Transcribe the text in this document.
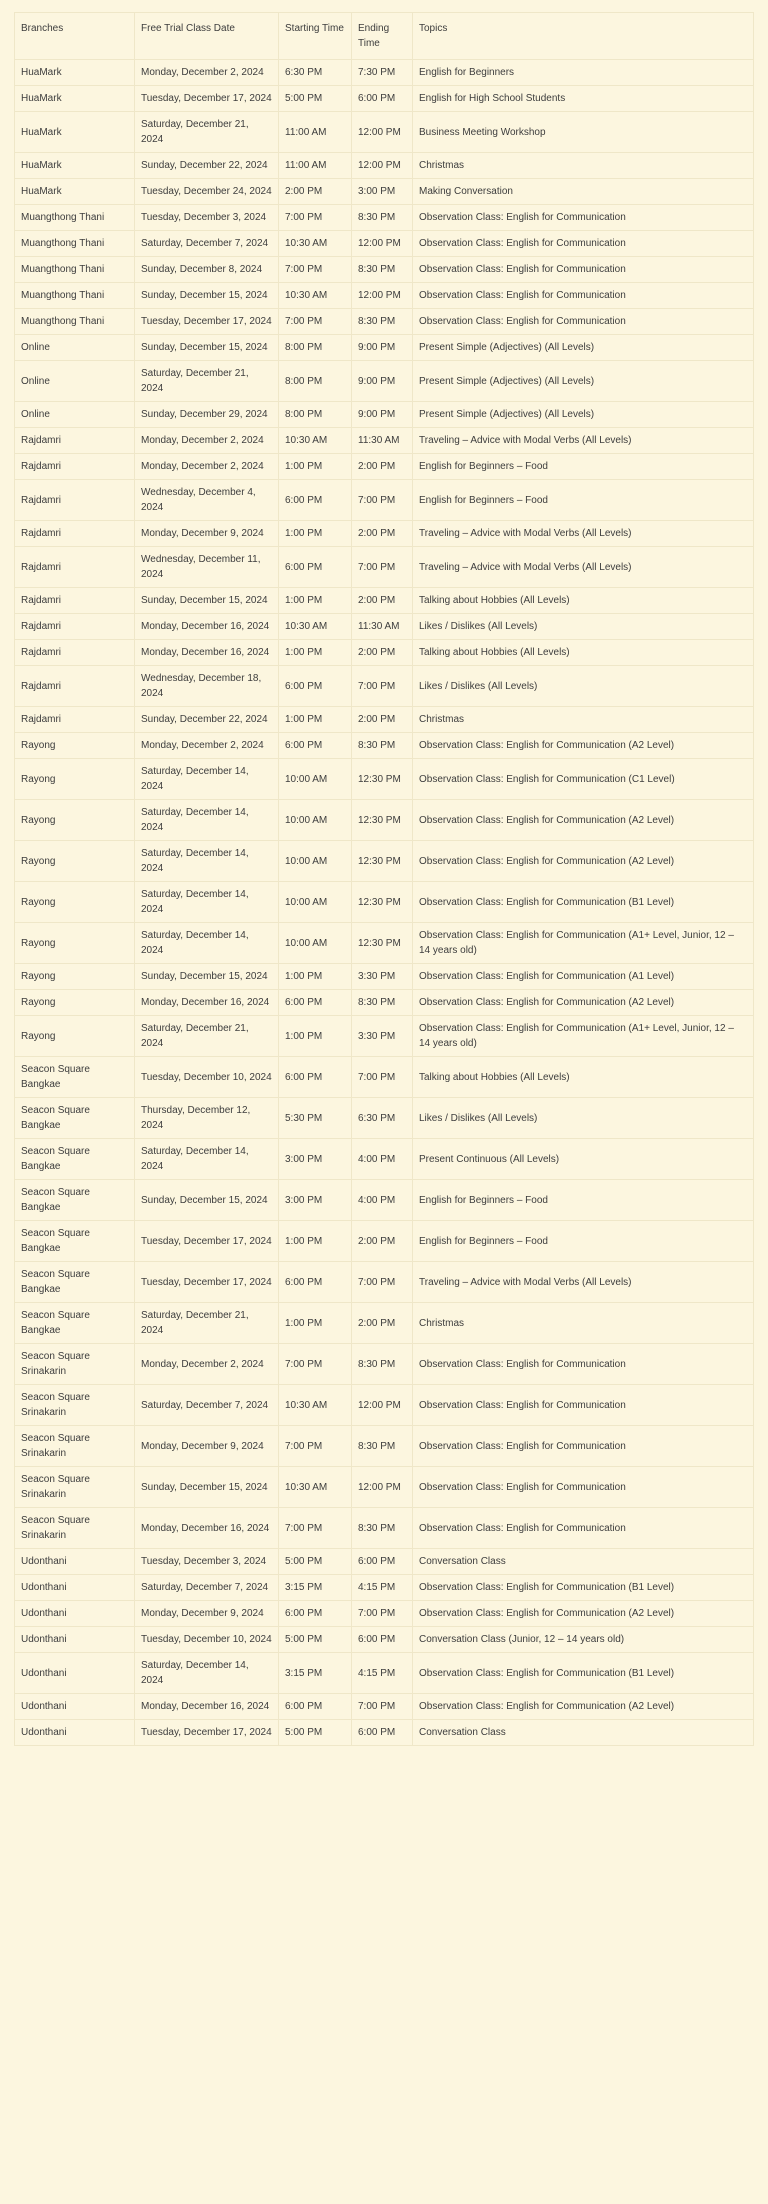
Branches	Free Trial Class Date	Starting Time	Ending Time	Topics
HuaMark	Monday, December 2, 2024	6:30 PM	7:30 PM	English for Beginners
HuaMark	Tuesday, December 17, 2024	5:00 PM	6:00 PM	English for High School Students
HuaMark	Saturday, December 21, 2024	11:00 AM	12:00 PM	Business Meeting Workshop
HuaMark	Sunday, December 22, 2024	11:00 AM	12:00 PM	Christmas
HuaMark	Tuesday, December 24, 2024	2:00 PM	3:00 PM	Making Conversation
Muangthong Thani	Tuesday, December 3, 2024	7:00 PM	8:30 PM	Observation Class: English for Communication
Muangthong Thani	Saturday, December 7, 2024	10:30 AM	12:00 PM	Observation Class: English for Communication
Muangthong Thani	Sunday, December 8, 2024	7:00 PM	8:30 PM	Observation Class: English for Communication
Muangthong Thani	Sunday, December 15, 2024	10:30 AM	12:00 PM	Observation Class: English for Communication
Muangthong Thani	Tuesday, December 17, 2024	7:00 PM	8:30 PM	Observation Class: English for Communication
Online	Sunday, December 15, 2024	8:00 PM	9:00 PM	Present Simple (Adjectives) (All Levels)
Online	Saturday, December 21, 2024	8:00 PM	9:00 PM	Present Simple (Adjectives) (All Levels)
Online	Sunday, December 29, 2024	8:00 PM	9:00 PM	Present Simple (Adjectives) (All Levels)
Rajdamri	Monday, December 2, 2024	10:30 AM	11:30 AM	Traveling – Advice with Modal Verbs (All Levels)
Rajdamri	Monday, December 2, 2024	1:00 PM	2:00 PM	English for Beginners – Food
Rajdamri	Wednesday, December 4, 2024	6:00 PM	7:00 PM	English for Beginners – Food
Rajdamri	Monday, December 9, 2024	1:00 PM	2:00 PM	Traveling – Advice with Modal Verbs (All Levels)
Rajdamri	Wednesday, December 11, 2024	6:00 PM	7:00 PM	Traveling – Advice with Modal Verbs (All Levels)
Rajdamri	Sunday, December 15, 2024	1:00 PM	2:00 PM	Talking about Hobbies (All Levels)
Rajdamri	Monday, December 16, 2024	10:30 AM	11:30 AM	Likes / Dislikes (All Levels)
Rajdamri	Monday, December 16, 2024	1:00 PM	2:00 PM	Talking about Hobbies (All Levels)
Rajdamri	Wednesday, December 18, 2024	6:00 PM	7:00 PM	Likes / Dislikes (All Levels)
Rajdamri	Sunday, December 22, 2024	1:00 PM	2:00 PM	Christmas
Rayong	Monday, December 2, 2024	6:00 PM	8:30 PM	Observation Class: English for Communication (A2 Level)
Rayong	Saturday, December 14, 2024	10:00 AM	12:30 PM	Observation Class: English for Communication (C1 Level)
Rayong	Saturday, December 14, 2024	10:00 AM	12:30 PM	Observation Class: English for Communication (A2 Level)
Rayong	Saturday, December 14, 2024	10:00 AM	12:30 PM	Observation Class: English for Communication (A2 Level)
Rayong	Saturday, December 14, 2024	10:00 AM	12:30 PM	Observation Class: English for Communication (B1 Level)
Rayong	Saturday, December 14, 2024	10:00 AM	12:30 PM	Observation Class: English for Communication (A1+ Level, Junior, 12 – 14 years old)
Rayong	Sunday, December 15, 2024	1:00 PM	3:30 PM	Observation Class: English for Communication (A1 Level)
Rayong	Monday, December 16, 2024	6:00 PM	8:30 PM	Observation Class: English for Communication (A2 Level)
Rayong	Saturday, December 21, 2024	1:00 PM	3:30 PM	Observation Class: English for Communication (A1+ Level, Junior, 12 – 14 years old)
Seacon Square Bangkae	Tuesday, December 10, 2024	6:00 PM	7:00 PM	Talking about Hobbies (All Levels)
Seacon Square Bangkae	Thursday, December 12, 2024	5:30 PM	6:30 PM	Likes / Dislikes (All Levels)
Seacon Square Bangkae	Saturday, December 14, 2024	3:00 PM	4:00 PM	Present Continuous (All Levels)
Seacon Square Bangkae	Sunday, December 15, 2024	3:00 PM	4:00 PM	English for Beginners – Food
Seacon Square Bangkae	Tuesday, December 17, 2024	1:00 PM	2:00 PM	English for Beginners – Food
Seacon Square Bangkae	Tuesday, December 17, 2024	6:00 PM	7:00 PM	Traveling – Advice with Modal Verbs (All Levels)
Seacon Square Bangkae	Saturday, December 21, 2024	1:00 PM	2:00 PM	Christmas
Seacon Square Srinakarin	Monday, December 2, 2024	7:00 PM	8:30 PM	Observation Class: English for Communication
Seacon Square Srinakarin	Saturday, December 7, 2024	10:30 AM	12:00 PM	Observation Class: English for Communication
Seacon Square Srinakarin	Monday, December 9, 2024	7:00 PM	8:30 PM	Observation Class: English for Communication
Seacon Square Srinakarin	Sunday, December 15, 2024	10:30 AM	12:00 PM	Observation Class: English for Communication
Seacon Square Srinakarin	Monday, December 16, 2024	7:00 PM	8:30 PM	Observation Class: English for Communication
Udonthani	Tuesday, December 3, 2024	5:00 PM	6:00 PM	Conversation Class
Udonthani	Saturday, December 7, 2024	3:15 PM	4:15 PM	Observation Class: English for Communication (B1 Level)
Udonthani	Monday, December 9, 2024	6:00 PM	7:00 PM	Observation Class: English for Communication (A2 Level)
Udonthani	Tuesday, December 10, 2024	5:00 PM	6:00 PM	Conversation Class (Junior, 12 – 14 years old)
Udonthani	Saturday, December 14, 2024	3:15 PM	4:15 PM	Observation Class: English for Communication (B1 Level)
Udonthani	Monday, December 16, 2024	6:00 PM	7:00 PM	Observation Class: English for Communication (A2 Level)
Udonthani	Tuesday, December 17, 2024	5:00 PM	6:00 PM	Conversation Class
